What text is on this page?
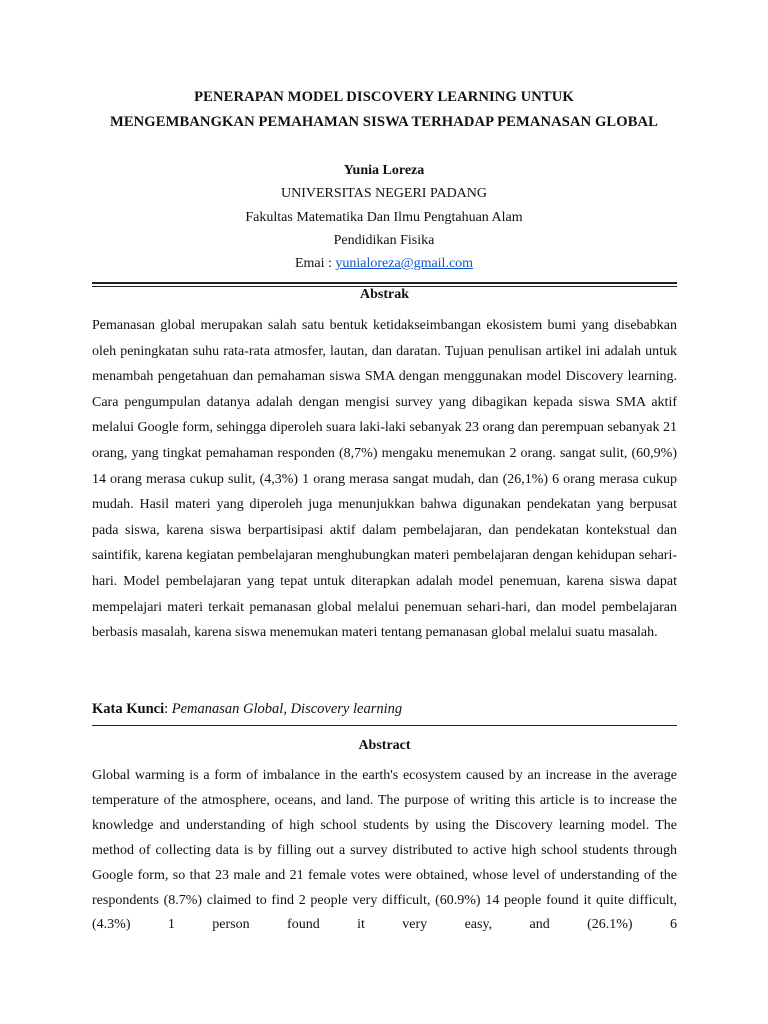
PENERAPAN MODEL DISCOVERY LEARNING UNTUK
MENGEMBANGKAN PEMAHAMAN SISWA TERHADAP PEMANASAN GLOBAL
Yunia Loreza
UNIVERSITAS NEGERI PADANG
Fakultas Matematika Dan Ilmu Pengtahuan Alam
Pendidikan Fisika
Emai : yunialoreza@gmail.com
Abstrak

Pemanasan global merupakan salah satu bentuk ketidakseimbangan ekosistem bumi yang disebabkan oleh peningkatan suhu rata-rata atmosfer, lautan, dan daratan. Tujuan penulisan artikel ini adalah untuk menambah pengetahuan dan pemahaman siswa SMA dengan menggunakan model Discovery learning. Cara pengumpulan datanya adalah dengan mengisi survey yang dibagikan kepada siswa SMA aktif melalui Google form, sehingga diperoleh suara laki-laki sebanyak 23 orang dan perempuan sebanyak 21 orang, yang tingkat pemahaman responden (8,7%) mengaku menemukan 2 orang. sangat sulit, (60,9%) 14 orang merasa cukup sulit, (4,3%) 1 orang merasa sangat mudah, dan (26,1%) 6 orang merasa cukup mudah. Hasil materi yang diperoleh juga menunjukkan bahwa digunakan pendekatan yang berpusat pada siswa, karena siswa berpartisipasi aktif dalam pembelajaran, dan pendekatan kontekstual dan saintifik, karena kegiatan pembelajaran menghubungkan materi pembelajaran dengan kehidupan sehari-hari. Model pembelajaran yang tepat untuk diterapkan adalah model penemuan, karena siswa dapat mempelajari materi terkait pemanasan global melalui penemuan sehari-hari, dan model pembelajaran berbasis masalah, karena siswa menemukan materi tentang pemanasan global melalui suatu masalah.

Kata Kunci: Pemanasan Global, Discovery learning
Abstract

Global warming is a form of imbalance in the earth's ecosystem caused by an increase in the average temperature of the atmosphere, oceans, and land. The purpose of writing this article is to increase the knowledge and understanding of high school students by using the Discovery learning model. The method of collecting data is by filling out a survey distributed to active high school students through Google form, so that 23 male and 21 female votes were obtained, whose level of understanding of the respondents (8.7%) claimed to find 2 people very difficult, (60.9%) 14 people found it quite difficult, (4.3%) 1 person found it very easy, and (26.1%) 6
